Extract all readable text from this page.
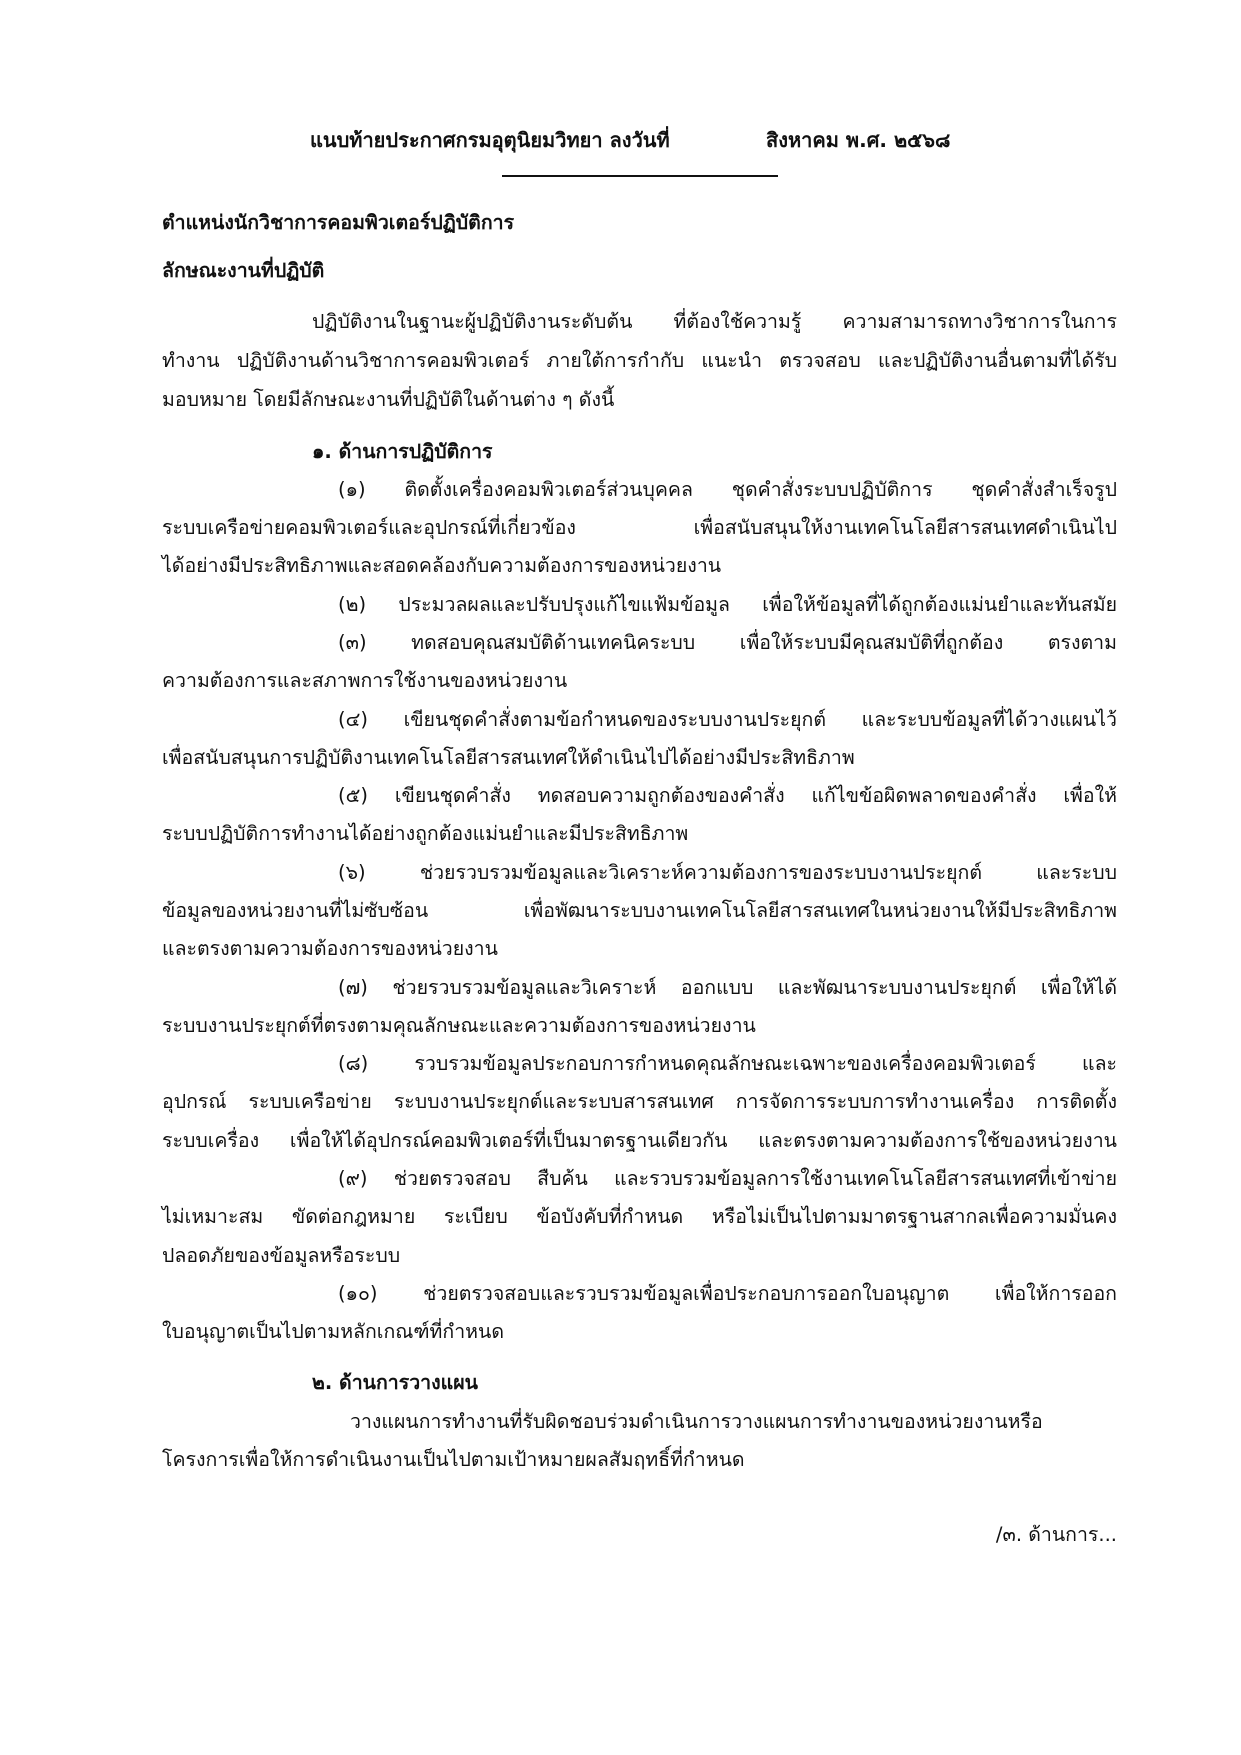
แนบท้ายประกาศกรมอุตุนิยมวิทยา ลงวันที่	สิงหาคม พ.ศ. ๒๕๖๘
ตำแหน่งนักวิชาการคอมพิวเตอร์ปฏิบัติการ
ลักษณะงานที่ปฏิบัติ
ปฏิบัติงานในฐานะผู้ปฏิบัติงานระดับต้น ที่ต้องใช้ความรู้ ความสามารถทางวิชาการในการ
ทำงาน ปฏิบัติงานด้านวิชาการคอมพิวเตอร์ ภายใต้การกำกับ แนะนำ ตรวจสอบ และปฏิบัติงานอื่นตามที่ได้รับ
มอบหมาย โดยมีลักษณะงานที่ปฏิบัติในด้านต่าง ๆ ดังนี้
๑. ด้านการปฏิบัติการ
(๑) ติดตั้งเครื่องคอมพิวเตอร์ส่วนบุคคล ชุดคำสั่งระบบปฏิบัติการ ชุดคำสั่งสำเร็จรูป
ระบบเครือข่ายคอมพิวเตอร์และอุปกรณ์ที่เกี่ยวข้อง เพื่อสนับสนุนให้งานเทคโนโลยีสารสนเทศดำเนินไป
ได้อย่างมีประสิทธิภาพและสอดคล้องกับความต้องการของหน่วยงาน
(๒) ประมวลผลและปรับปรุงแก้ไขแฟ้มข้อมูล เพื่อให้ข้อมูลที่ได้ถูกต้องแม่นยำและทันสมัย
(๓) ทดสอบคุณสมบัติด้านเทคนิคระบบ เพื่อให้ระบบมีคุณสมบัติที่ถูกต้อง ตรงตาม
ความต้องการและสภาพการใช้งานของหน่วยงาน
(๔) เขียนชุดคำสั่งตามข้อกำหนดของระบบงานประยุกต์ และระบบข้อมูลที่ได้วางแผนไว้
เพื่อสนับสนุนการปฏิบัติงานเทคโนโลยีสารสนเทศให้ดำเนินไปได้อย่างมีประสิทธิภาพ
(๕) เขียนชุดคำสั่ง ทดสอบความถูกต้องของคำสั่ง แก้ไขข้อผิดพลาดของคำสั่ง เพื่อให้
ระบบปฏิบัติการทำงานได้อย่างถูกต้องแม่นยำและมีประสิทธิภาพ
(๖) ช่วยรวบรวมข้อมูลและวิเคราะห์ความต้องการของระบบงานประยุกต์ และระบบ
ข้อมูลของหน่วยงานที่ไม่ซับซ้อน เพื่อพัฒนาระบบงานเทคโนโลยีสารสนเทศในหน่วยงานให้มีประสิทธิภาพ
และตรงตามความต้องการของหน่วยงาน
(๗) ช่วยรวบรวมข้อมูลและวิเคราะห์ ออกแบบ และพัฒนาระบบงานประยุกต์ เพื่อให้ได้
ระบบงานประยุกต์ที่ตรงตามคุณลักษณะและความต้องการของหน่วยงาน
(๘) รวบรวมข้อมูลประกอบการกำหนดคุณลักษณะเฉพาะของเครื่องคอมพิวเตอร์ และ
อุปกรณ์ ระบบเครือข่าย ระบบงานประยุกต์และระบบสารสนเทศ การจัดการระบบการทำงานเครื่อง การติดตั้ง
ระบบเครื่อง เพื่อให้ได้อุปกรณ์คอมพิวเตอร์ที่เป็นมาตรฐานเดียวกัน และตรงตามความต้องการใช้ของหน่วยงาน
(๙) ช่วยตรวจสอบ สืบค้น และรวบรวมข้อมูลการใช้งานเทคโนโลยีสารสนเทศที่เข้าข่าย
ไม่เหมาะสม ขัดต่อกฎหมาย ระเบียบ ข้อบังคับที่กำหนด หรือไม่เป็นไปตามมาตรฐานสากลเพื่อความมั่นคง
ปลอดภัยของข้อมูลหรือระบบ
(๑๐) ช่วยตรวจสอบและรวบรวมข้อมูลเพื่อประกอบการออกใบอนุญาต เพื่อให้การออก
ใบอนุญาตเป็นไปตามหลักเกณฑ์ที่กำหนด
๒. ด้านการวางแผน
วางแผนการทำงานที่รับผิดชอบร่วมดำเนินการวางแผนการทำงานของหน่วยงานหรือ
โครงการเพื่อให้การดำเนินงานเป็นไปตามเป้าหมายผลสัมฤทธิ์ที่กำหนด
/๓. ด้านการ...
